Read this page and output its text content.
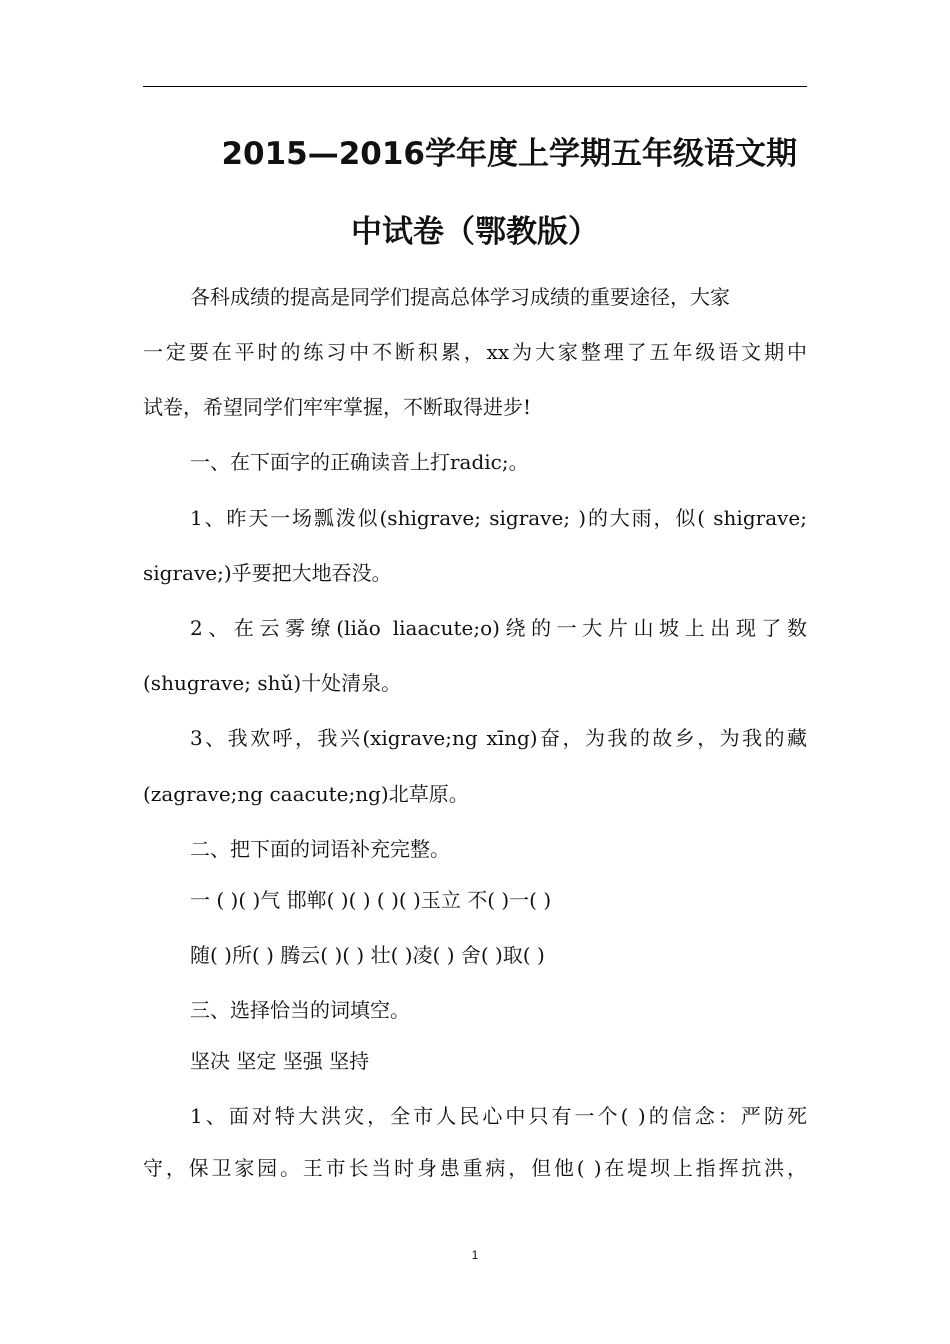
2015—2016学年度上学期五年级语文期
中试卷（鄂教版）
各科成绩的提高是同学们提高总体学习成绩的重要途径，大家
一定要在平时的练习中不断积累，xx为大家整理了五年级语文期中
试卷，希望同学们牢牢掌握，不断取得进步!
一、在下面字的正确读音上打radic;。
1、昨天一场瓢泼似(shigrave; sigrave; )的大雨，似( shigrave;
sigrave;)乎要把大地吞没。
2、在云雾缭(liǎo liaacute;o)绕的一大片山坡上出现了数
(shugrave; shǔ)十处清泉。
3、我欢呼，我兴(xigrave;ng xīng)奋，为我的故乡，为我的藏
(zagrave;ng caacute;ng)北草原。
二、把下面的词语补充完整。
一 ( )( )气 邯郸( )( ) ( )( )玉立 不( )一( )
随( )所( ) 腾云( )( ) 壮( )凌( ) 舍( )取( )
三、选择恰当的词填空。
坚决 坚定 坚强 坚持
1、面对特大洪灾，全市人民心中只有一个( )的信念：严防死
守，保卫家园。王市长当时身患重病，但他( )在堤坝上指挥抗洪，
1
